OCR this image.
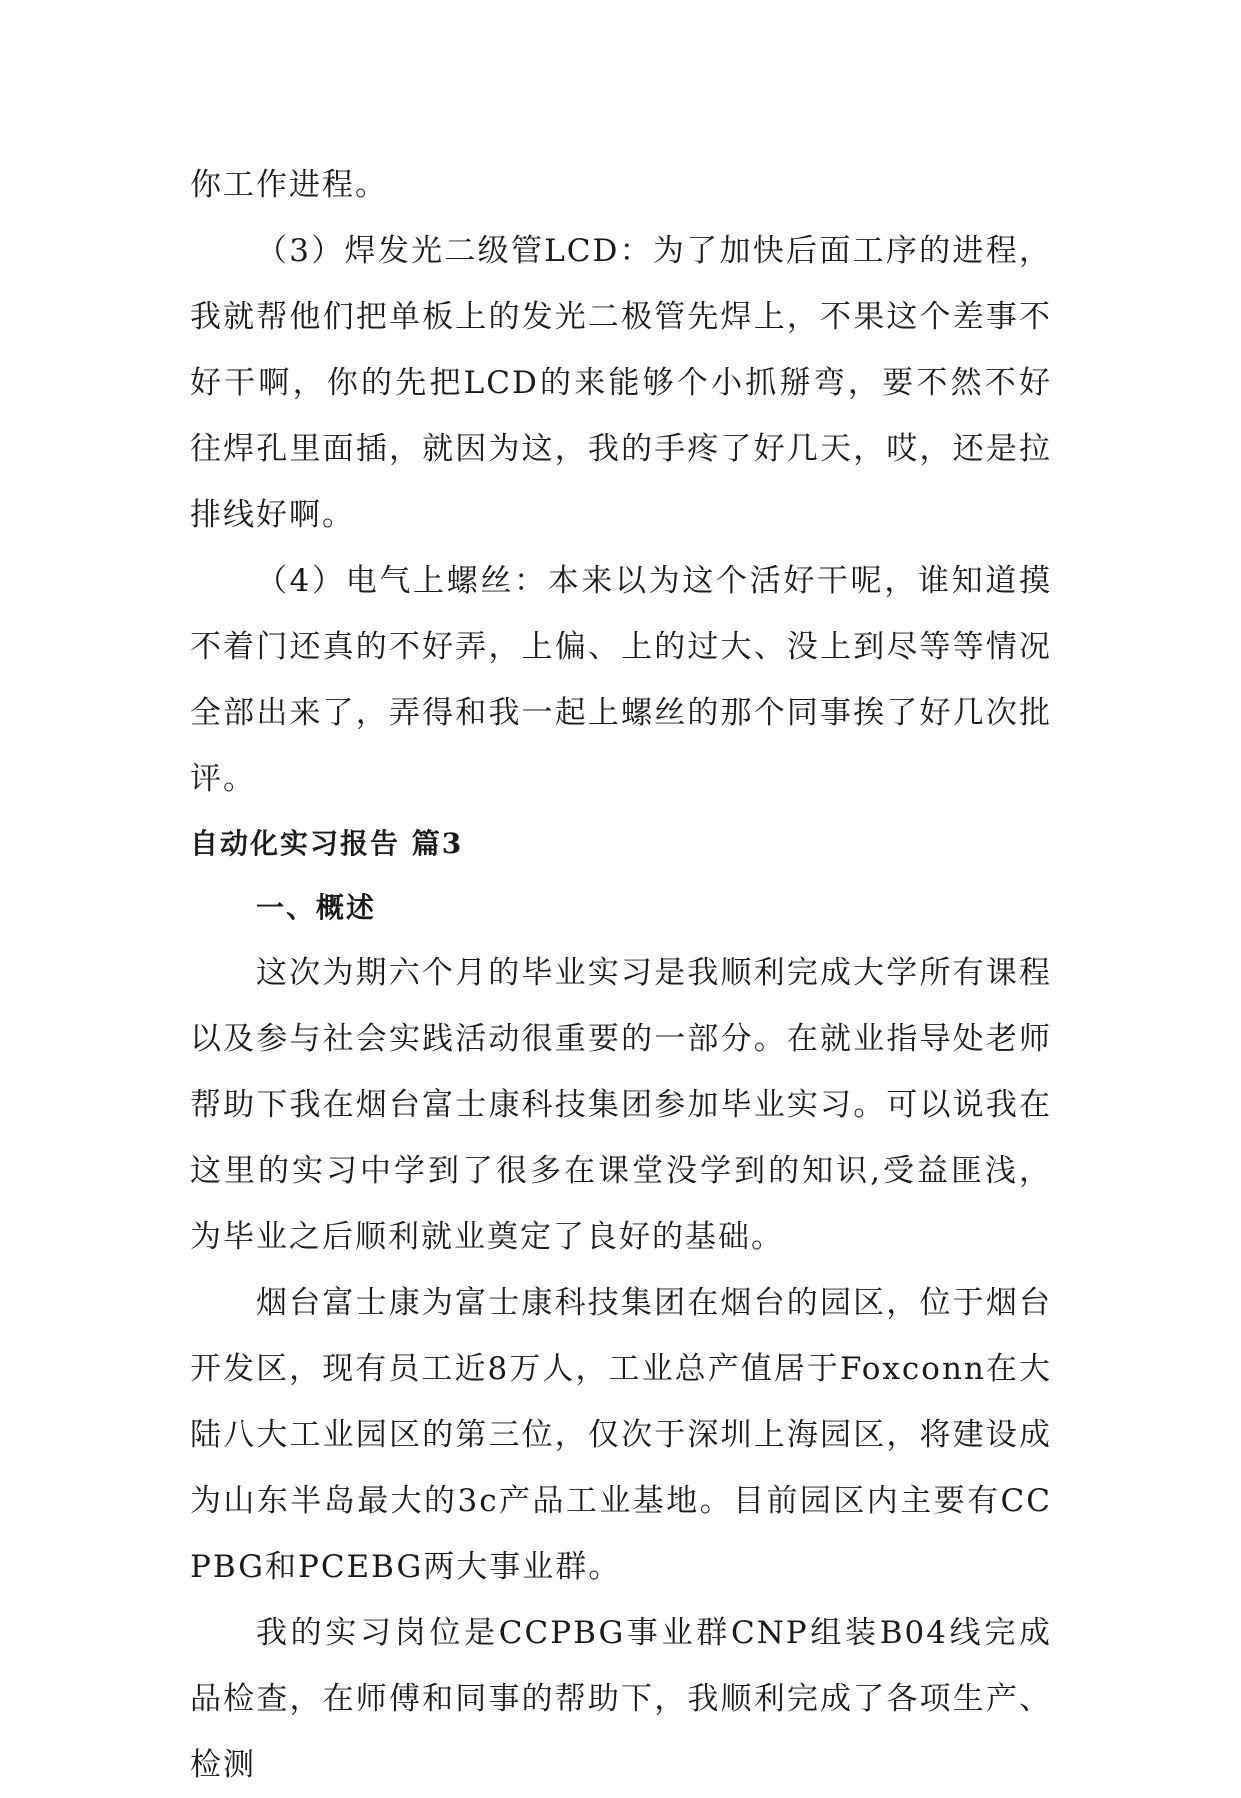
你工作进程。

（3）焊发光二级管LCD：为了加快后面工序的进程，我就帮他们把单板上的发光二极管先焊上，不果这个差事不好干啊，你的先把LCD的来能够个小抓掰弯，要不然不好往焊孔里面插，就因为这，我的手疼了好几天，哎，还是拉排线好啊。

（4）电气上螺丝：本来以为这个活好干呢，谁知道摸不着门还真的不好弄，上偏、上的过大、没上到尽等等情况全部出来了，弄得和我一起上螺丝的那个同事挨了好几次批评。

自动化实习报告 篇3
一、概述

这次为期六个月的毕业实习是我顺利完成大学所有课程以及参与社会实践活动很重要的一部分。在就业指导处老师帮助下我在烟台富士康科技集团参加毕业实习。可以说我在这里的实习中学到了很多在课堂没学到的知识,受益匪浅，为毕业之后顺利就业奠定了良好的基础。

烟台富士康为富士康科技集团在烟台的园区，位于烟台开发区，现有员工近8万人，工业总产值居于Foxconn在大陆八大工业园区的第三位，仅次于深圳上海园区，将建设成为山东半岛最大的3c产品工业基地。目前园区内主要有CCPBG和PCEBG两大事业群。

我的实习岗位是CCPBG事业群CNP组装B04线完成品检查，在师傅和同事的帮助下，我顺利完成了各项生产、检测
